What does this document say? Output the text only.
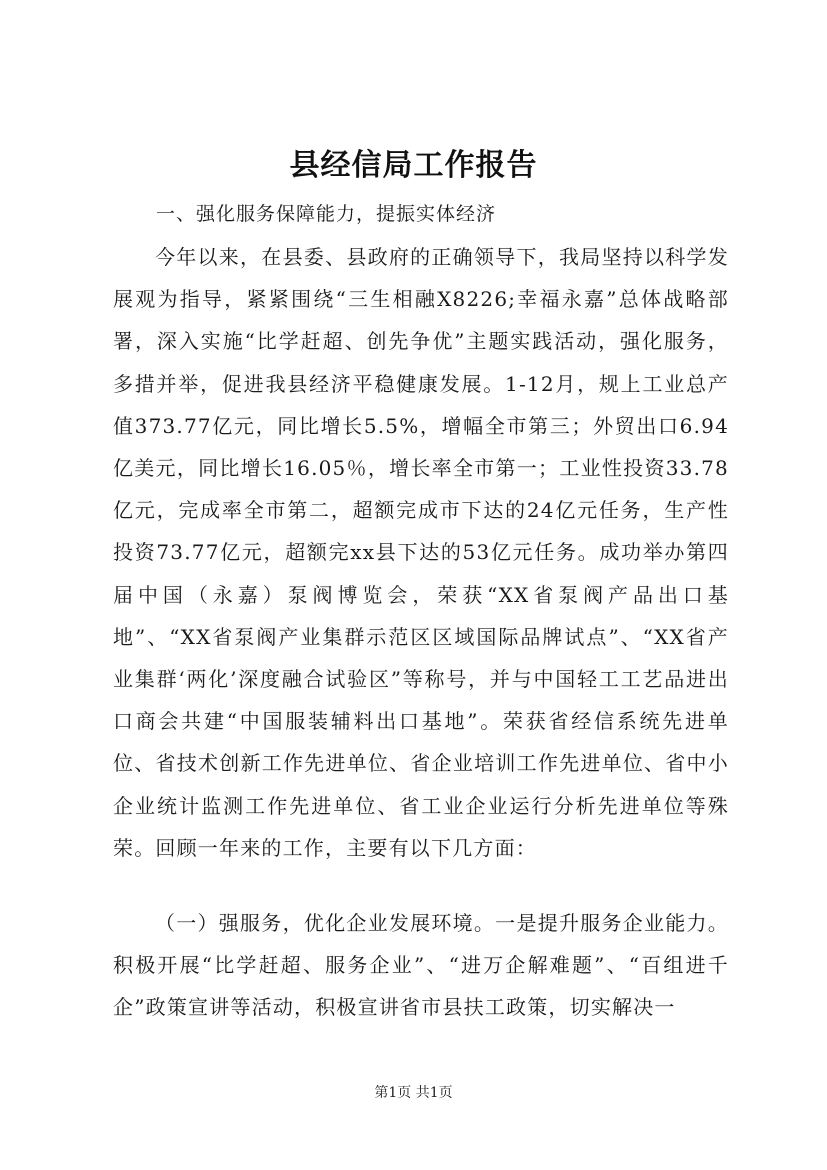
县经信局工作报告
一、强化服务保障能力，提振实体经济

今年以来，在县委、县政府的正确领导下，我局坚持以科学发展观为指导，紧紧围绕“三生相融X8226;幸福永嘉”总体战略部署，深入实施“比学赶超、创先争优”主题实践活动，强化服务，多措并举，促进我县经济平稳健康发展。1-12月，规上工业总产值373.77亿元，同比增长5.5%，增幅全市第三；外贸出口6.94亿美元，同比增长16.05％，增长率全市第一；工业性投资33.78亿元，完成率全市第二，超额完成市下达的24亿元任务，生产性投资73.77亿元，超额完xx县下达的53亿元任务。成功举办第四届中国（永嘉）泵阀博览会，荣获“XX省泵阀产品出口基地”、“XX省泵阀产业集群示范区区域国际品牌试点”、“XX省产业集群‘两化’深度融合试验区”等称号，并与中国轻工工艺品进出口商会共建“中国服装辅料出口基地”。荣获省经信系统先进单位、省技术创新工作先进单位、省企业培训工作先进单位、省中小企业统计监测工作先进单位、省工业企业运行分析先进单位等殊荣。回顾一年来的工作，主要有以下几方面：

（一）强服务，优化企业发展环境。一是提升服务企业能力。积极开展“比学赶超、服务企业”、“进万企解难题”、“百组进千企”政策宣讲等活动，积极宣讲省市县扶工政策，切实解决一

第1页 共1页
